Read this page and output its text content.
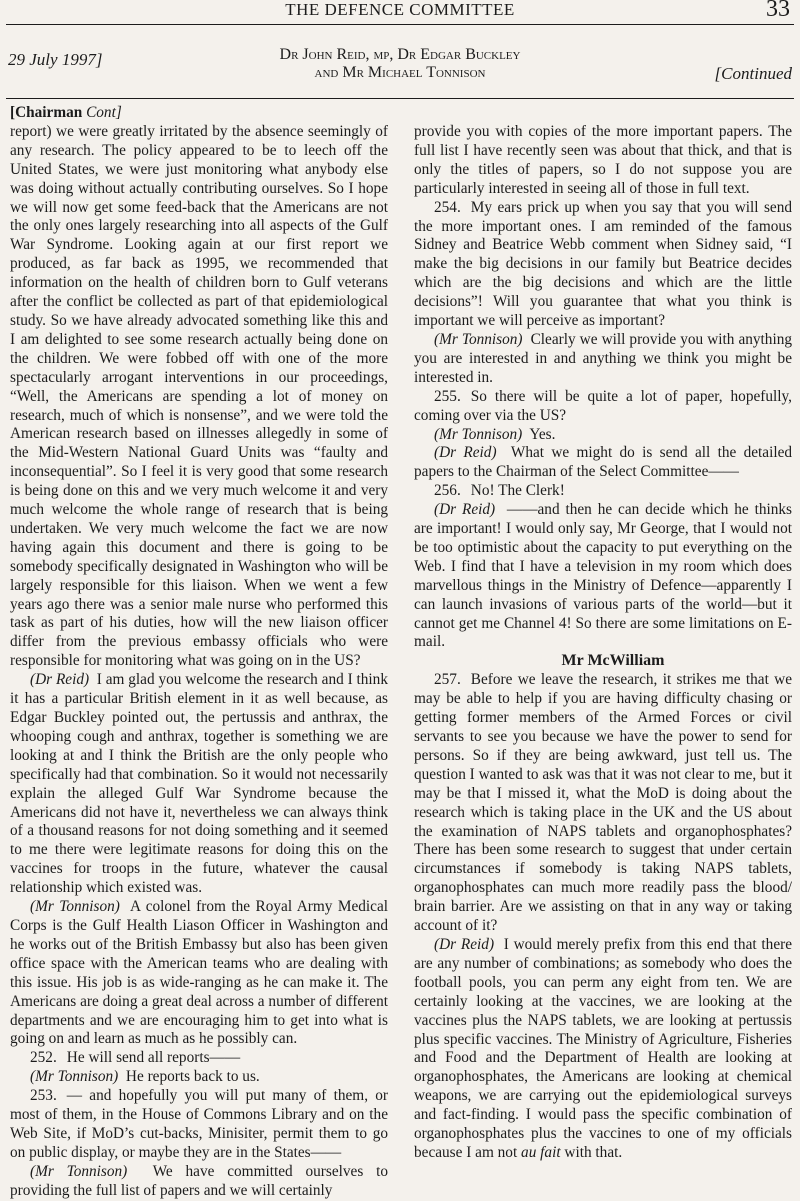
THE DEFENCE COMMITTEE	33
29 July 1997]	Dr John Reid, mp, Dr Edgar Buckley
and Mr Michael Tonnison	[Continued

[Chairman Cont]

report) we were greatly irritated by the absence seemingly of any research. The policy appeared to be to leech off the United States, we were just monitoring what anybody else was doing without actually contributing ourselves. So I hope we will now get some feed-back that the Americans are not the only ones largely researching into all aspects of the Gulf War Syndrome. Looking again at our first report we produced, as far back as 1995, we recommended that information on the health of children born to Gulf veterans after the conflict be collected as part of that epidemiological study. So we have already advocated something like this and I am delighted to see some research actually being done on the children. We were fobbed off with one of the more spectacularly arrogant interventions in our proceedings, “Well, the Americans are spending a lot of money on research, much of which is nonsense”, and we were told the American research based on illnesses allegedly in some of the Mid-Western National Guard Units was “faulty and inconsequential”. So I feel it is very good that some research is being done on this and we very much welcome it and very much welcome the whole range of research that is being undertaken. We very much welcome the fact we are now having again this document and there is going to be somebody specifically designated in Washington who will be largely responsible for this liaison. When we went a few years ago there was a senior male nurse who performed this task as part of his duties, how will the new liaison officer differ from the previous embassy officials who were responsible for monitoring what was going on in the US?

(Dr Reid) I am glad you welcome the research and I think it has a particular British element in it as well because, as Edgar Buckley pointed out, the pertussis and anthrax, the whooping cough and anthrax, together is something we are looking at and I think the British are the only people who specifically had that combination. So it would not necessarily explain the alleged Gulf War Syndrome because the Americans did not have it, nevertheless we can always think of a thousand reasons for not doing something and it seemed to me there were legitimate reasons for doing this on the vaccines for troops in the future, whatever the causal relationship which existed was.

(Mr Tonnison) A colonel from the Royal Army Medical Corps is the Gulf Health Liason Officer in Washington and he works out of the British Embassy but also has been given office space with the American teams who are dealing with this issue. His job is as wide-ranging as he can make it. The Americans are doing a great deal across a number of different departments and we are encouraging him to get into what is going on and learn as much as he possibly can.

252. He will send all reports——

(Mr Tonnison) He reports back to us.

253. — and hopefully you will put many of them, or most of them, in the House of Commons Library and on the Web Site, if MoD’s cut-backs, Minisiter, permit them to go on public display, or maybe they are in the States——

(Mr Tonnison) We have committed ourselves to providing the full list of papers and we will certainly

provide you with copies of the more important papers. The full list I have recently seen was about that thick, and that is only the titles of papers, so I do not suppose you are particularly interested in seeing all of those in full text.

254. My ears prick up when you say that you will send the more important ones. I am reminded of the famous Sidney and Beatrice Webb comment when Sidney said, “I make the big decisions in our family but Beatrice decides which are the big decisions and which are the little decisions”! Will you guarantee that what you think is important we will perceive as important?

(Mr Tonnison) Clearly we will provide you with anything you are interested in and anything we think you might be interested in.

255. So there will be quite a lot of paper, hopefully, coming over via the US?

(Mr Tonnison) Yes.

(Dr Reid) What we might do is send all the detailed papers to the Chairman of the Select Committee——

256. No! The Clerk!

(Dr Reid) ——and then he can decide which he thinks are important! I would only say, Mr George, that I would not be too optimistic about the capacity to put everything on the Web. I find that I have a television in my room which does marvellous things in the Ministry of Defence—apparently I can launch invasions of various parts of the world—but it cannot get me Channel 4! So there are some limitations on E-mail.

Mr McWilliam

257. Before we leave the research, it strikes me that we may be able to help if you are having difficulty chasing or getting former members of the Armed Forces or civil servants to see you because we have the power to send for persons. So if they are being awkward, just tell us. The question I wanted to ask was that it was not clear to me, but it may be that I missed it, what the MoD is doing about the research which is taking place in the UK and the US about the examination of NAPS tablets and organophosphates? There has been some research to suggest that under certain circumstances if somebody is taking NAPS tablets, organophosphates can much more readily pass the blood/ brain barrier. Are we assisting on that in any way or taking account of it?

(Dr Reid) I would merely prefix from this end that there are any number of combinations; as somebody who does the football pools, you can perm any eight from ten. We are certainly looking at the vaccines, we are looking at the vaccines plus the NAPS tablets, we are looking at pertussis plus specific vaccines. The Ministry of Agriculture, Fisheries and Food and the Department of Health are looking at organophosphates, the Americans are looking at chemical weapons, we are carrying out the epidemiological surveys and fact-finding. I would pass the specific combination of organophosphates plus the vaccines to one of my officials because I am not au fait with that.
